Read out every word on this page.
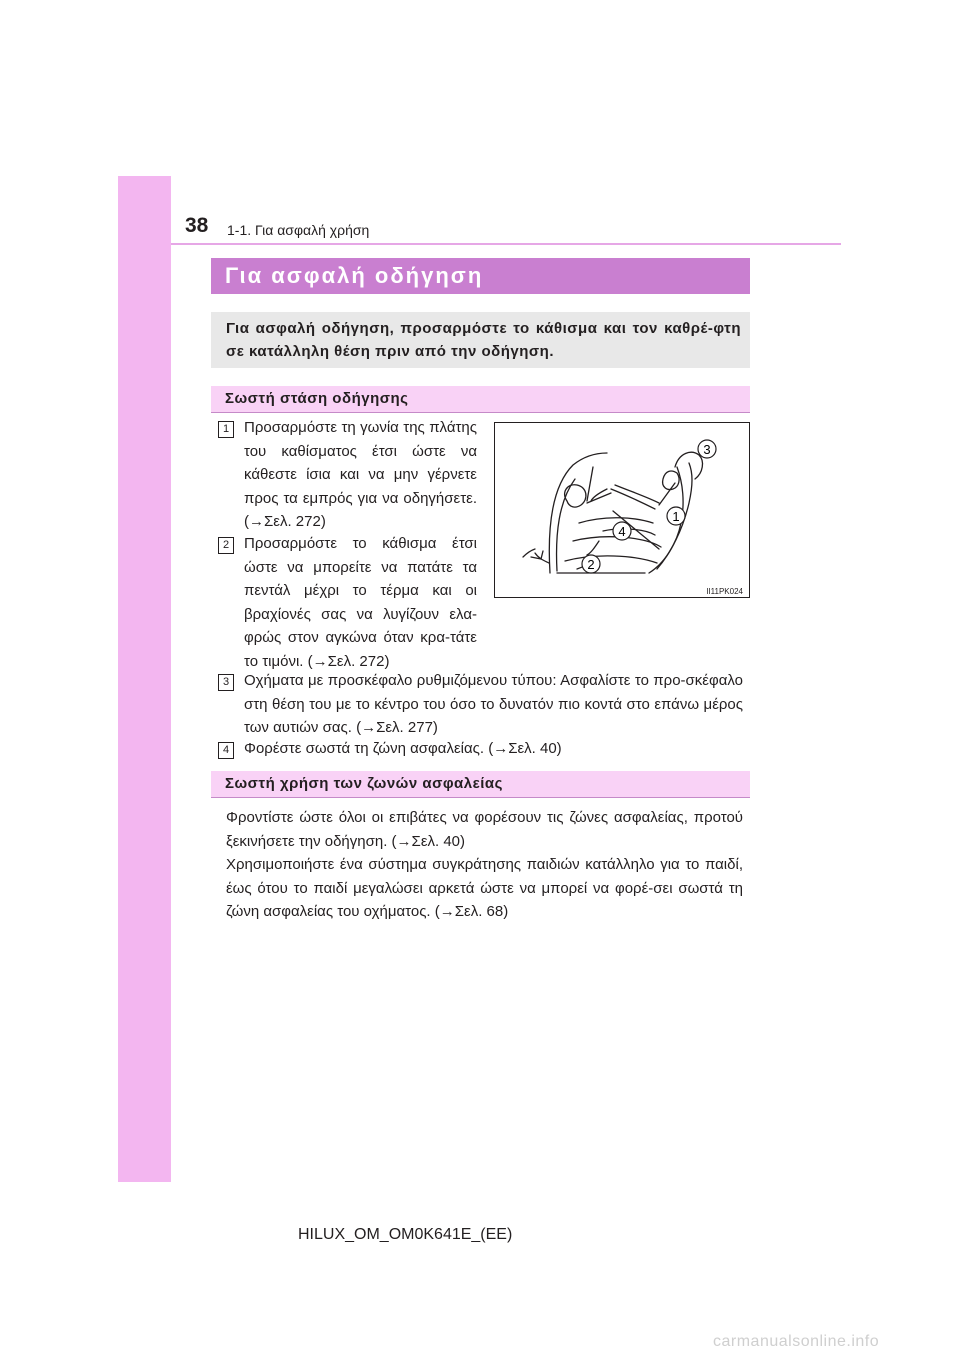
38 1-1. Για ασφαλή χρήση
Για ασφαλή οδήγηση
Για ασφαλή οδήγηση, προσαρμόστε το κάθισμα και τον καθρέ-φτη σε κατάλληλη θέση πριν από την οδήγηση.
Σωστή στάση οδήγησης
1 Προσαρμόστε τη γωνία της πλάτης του καθίσματος έτσι ώστε να κάθεστε ίσια και να μην γέρνετε προς τα εμπρός για να οδηγήσετε. (→Σελ. 272)
2 Προσαρμόστε το κάθισμα έτσι ώστε να μπορείτε να πατάτε τα πεντάλ μέχρι το τέρμα και οι βραχίονές σας να λυγίζουν ελα-φρώς στον αγκώνα όταν κρα-τάτε το τιμόνι. (→Σελ. 272)
3 Οχήματα με προσκέφαλο ρυθμιζόμενου τύπου: Ασφαλίστε το προ-σκέφαλο στη θέση του με το κέντρο του όσο το δυνατόν πιο κοντά στο επάνω μέρος των αυτιών σας. (→Σελ. 277)
4 Φορέστε σωστά τη ζώνη ασφαλείας. (→Σελ. 40)
II11PK024
1
2
3
4
Σωστή χρήση των ζωνών ασφαλείας
Φροντίστε ώστε όλοι οι επιβάτες να φορέσουν τις ζώνες ασφαλείας, προτού ξεκινήσετε την οδήγηση. (→Σελ. 40)
Χρησιμοποιήστε ένα σύστημα συγκράτησης παιδιών κατάλληλο για το παιδί, έως ότου το παιδί μεγαλώσει αρκετά ώστε να μπορεί να φορέ-σει σωστά τη ζώνη ασφαλείας του οχήματος. (→Σελ. 68)
HILUX_OM_OM0K641E_(EE)
carmanualsonline.info
